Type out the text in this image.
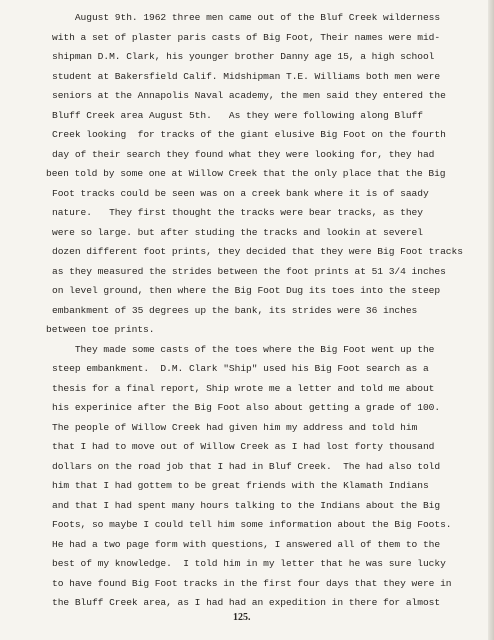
August 9th. 1962 three men came out of the Bluf Creek wilderness
with a set of plaster paris casts of Big Foot, Their names were mid-
shipman D.M. Clark, his younger brother Danny age 15, a high school
student at Bakersfield Calif. Midshipman T.E. Williams both men were
seniors at the Annapolis Naval academy, the men said they entered the
Bluff Creek area August 5th.   As they were following along Bluff
Creek looking  for tracks of the giant elusive Big Foot on the fourth
day of their search they found what they were looking for, they had
been told by some one at Willow Creek that the only place that the Big
Foot tracks could be seen was on a creek bank where it is of saady
nature.   They first thought the tracks were bear tracks, as they
were so large. but after studing the tracks and lookin at severel
dozen different foot prints, they decided that they were Big Foot tracks
as they measured the strides between the foot prints at 51 3/4 inches
on level ground, then where the Big Foot Dug its toes into the steep
embankment of 35 degrees up the bank, its strides were 36 inches
between toe prints.
They made some casts of the toes where the Big Foot went up the
steep embankment.  D.M. Clark "Ship" used his Big Foot search as a
thesis for a final report, Ship wrote me a letter and told me about
his experinice after the Big Foot also about getting a grade of 100.
The people of Willow Creek had given him my address and told him
that I had to move out of Willow Creek as I had lost forty thousand
dollars on the road job that I had in Bluf Creek.  The had also told
him that I had gottem to be great friends with the Klamath Indians
and that I had spent many hours talking to the Indians about the Big
Foots, so maybe I could tell him some information about the Big Foots.
He had a two page form with questions, I answered all of them to the
best of my knowledge.  I told him in my letter that he was sure lucky
to have found Big Foot tracks in the first four days that they were in
the Bluff Creek area, as I had had an expedition in there for almost
125.
